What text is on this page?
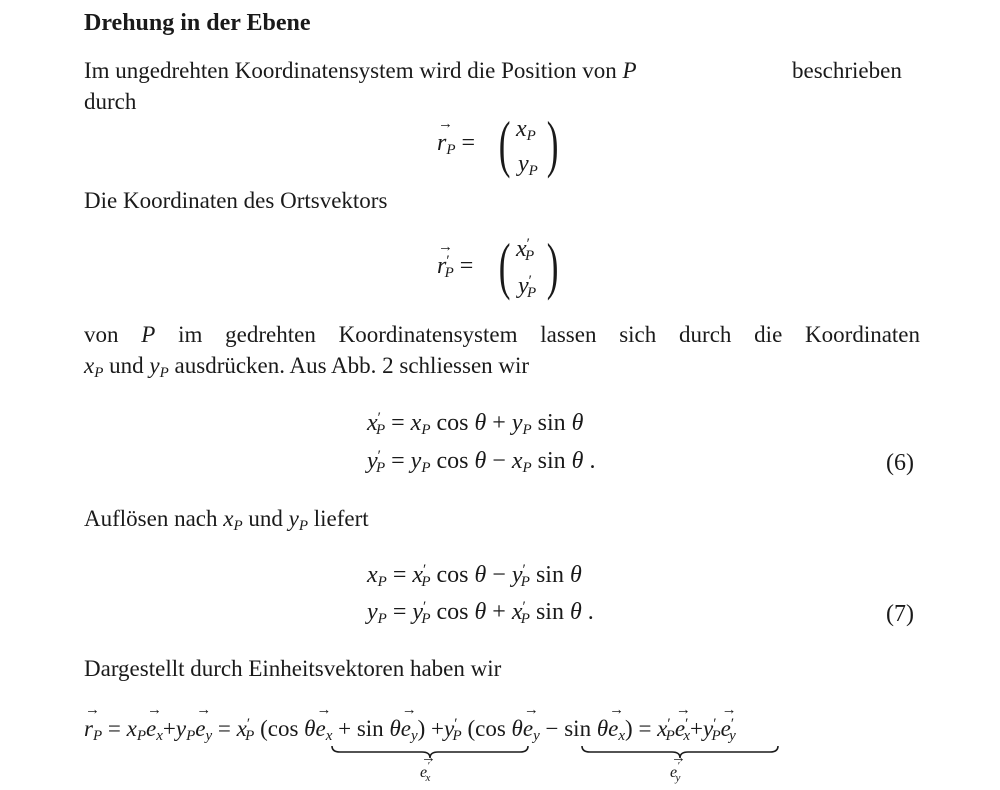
Drehung in der Ebene
Im ungedrehten Koordinatensystem wird die Position von P	beschrieben
durch
→ $r_P$ = ( $x_P$
$y_P$ )
Die Koordinaten des Ortsvektors
→ $r'_P$ = ( $x'_P$
$y'_P$ )
von P im gedrehten Koordinatensystem lassen sich durch die Koordinaten
$x_P$ und $y_P$ ausdrücken. Aus Abb. 2 schliessen wir
$x'_P = x_P$ $\cos \theta + y_P$ sin θ
$y'_P = y_P$ $\cos \theta - x_P$ sin θ .	(6)
Auflösen nach $x_P$ und $y_P$ liefert
$x_P = x'_P$ $\cos \theta - y'_P$ sin θ
$y_P = y'_P$ $\cos \theta + x'_P$ sin θ .	(7)
Dargestellt durch Einheitsvektoren haben wir
→ $r_P = x_P\to e_x+y_P\to e_y = x'_P$ (cos $\theta\to e_x + \sin \theta\to e_y) +y'_P$ (cos $\theta\to e_y - \sin \theta\to e_x) = x'_P\to e'_x+y'_P\to e'_y$
→ $e'_x$
→	$e'_y$
